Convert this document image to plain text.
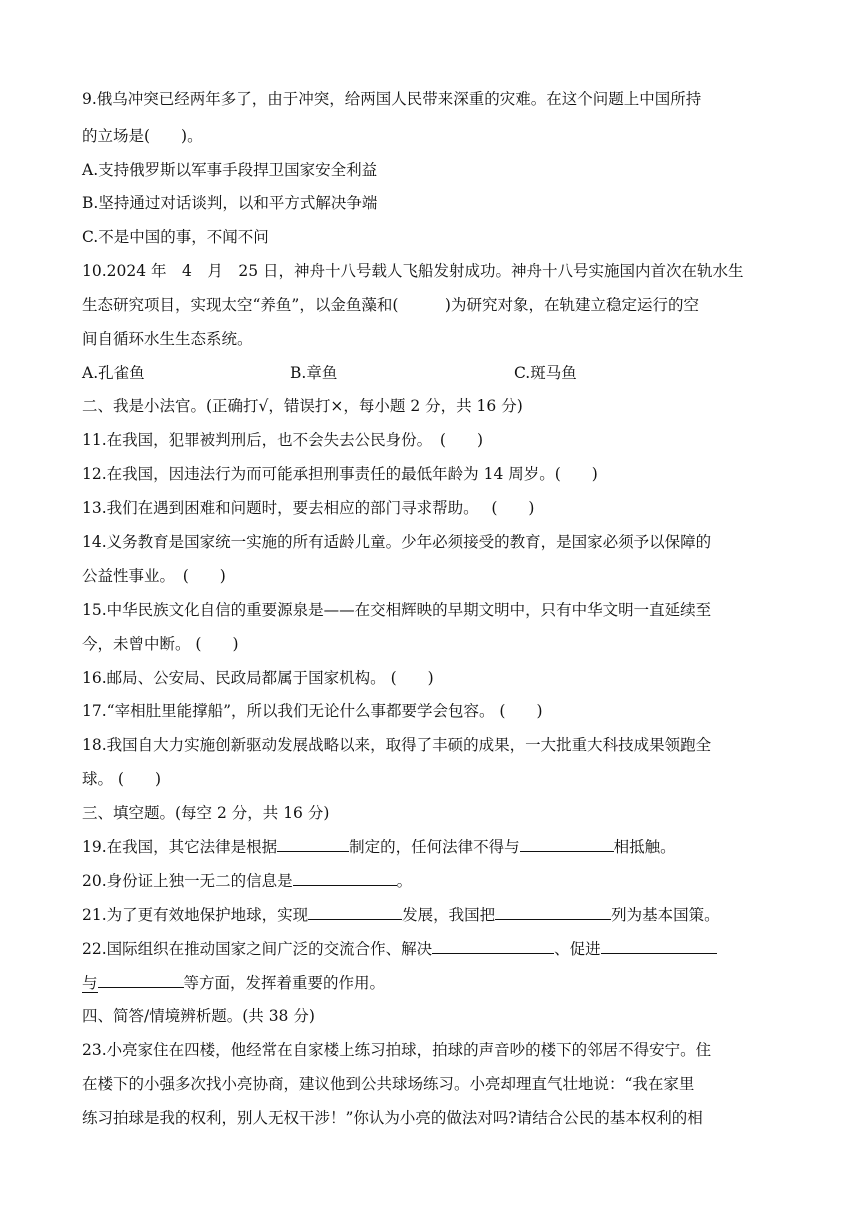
9.俄乌冲突已经两年多了，由于冲突，给两国人民带来深重的灾难。在这个问题上中国所持
的立场是(　　)。
A.支持俄罗斯以军事手段捍卫国家安全利益
B.坚持通过对话谈判，以和平方式解决争端
C.不是中国的事，不闻不问
10.2024 年　4　月　25 日，神舟十八号载人飞船发射成功。神舟十八号实施国内首次在轨水生
生态研究项目，实现太空“养鱼”，以金鱼藻和(　　　)为研究对象，在轨建立稳定运行的空
间自循环水生生态系统。
A.孔雀鱼	B.章鱼	C.斑马鱼
二、我是小法官。(正确打√，错误打×，每小题 2 分，共 16 分)
11.在我国，犯罪被判刑后，也不会失去公民身份。　(　　)
12.在我国，因违法行为而可能承担刑事责任的最低年龄为 14 周岁。(　　)
13.我们在遇到困难和问题时，要去相应的部门寻求帮助。　 (　　)
14.义务教育是国家统一实施的所有适龄儿童。少年必须接受的教育，是国家必须予以保障的
公益性事业。　(　　)
15.中华民族文化自信的重要源泉是——在交相辉映的早期文明中，只有中华文明一直延续至
今，未曾中断。 (　　)
16.邮局、公安局、民政局都属于国家机构。 (　　)
17.“宰相肚里能撑船”，所以我们无论什么事都要学会包容。 (　　)
18.我国自大力实施创新驱动发展战略以来，取得了丰硕的成果，一大批重大科技成果领跑全
球。 (　　)
三、填空题。(每空 2 分，共 16 分)
19.在我国，其它法律是根据	制定的，任何法律不得与	相抵触。
20.身份证上独一无二的信息是	。
21.为了更有效地保护地球，实现	发展，我国把	列为基本国策。
22.国际组织在推动国家之间广泛的交流合作、解决	、促进
与	等方面，发挥着重要的作用。
四、简答/情境辨析题。(共 38 分)
23.小亮家住在四楼，他经常在自家楼上练习拍球，拍球的声音吵的楼下的邻居不得安宁。住
在楼下的小强多次找小亮协商，建议他到公共球场练习。小亮却理直气壮地说：“我在家里
练习拍球是我的权利，别人无权干涉！”你认为小亮的做法对吗?请结合公民的基本权利的相
